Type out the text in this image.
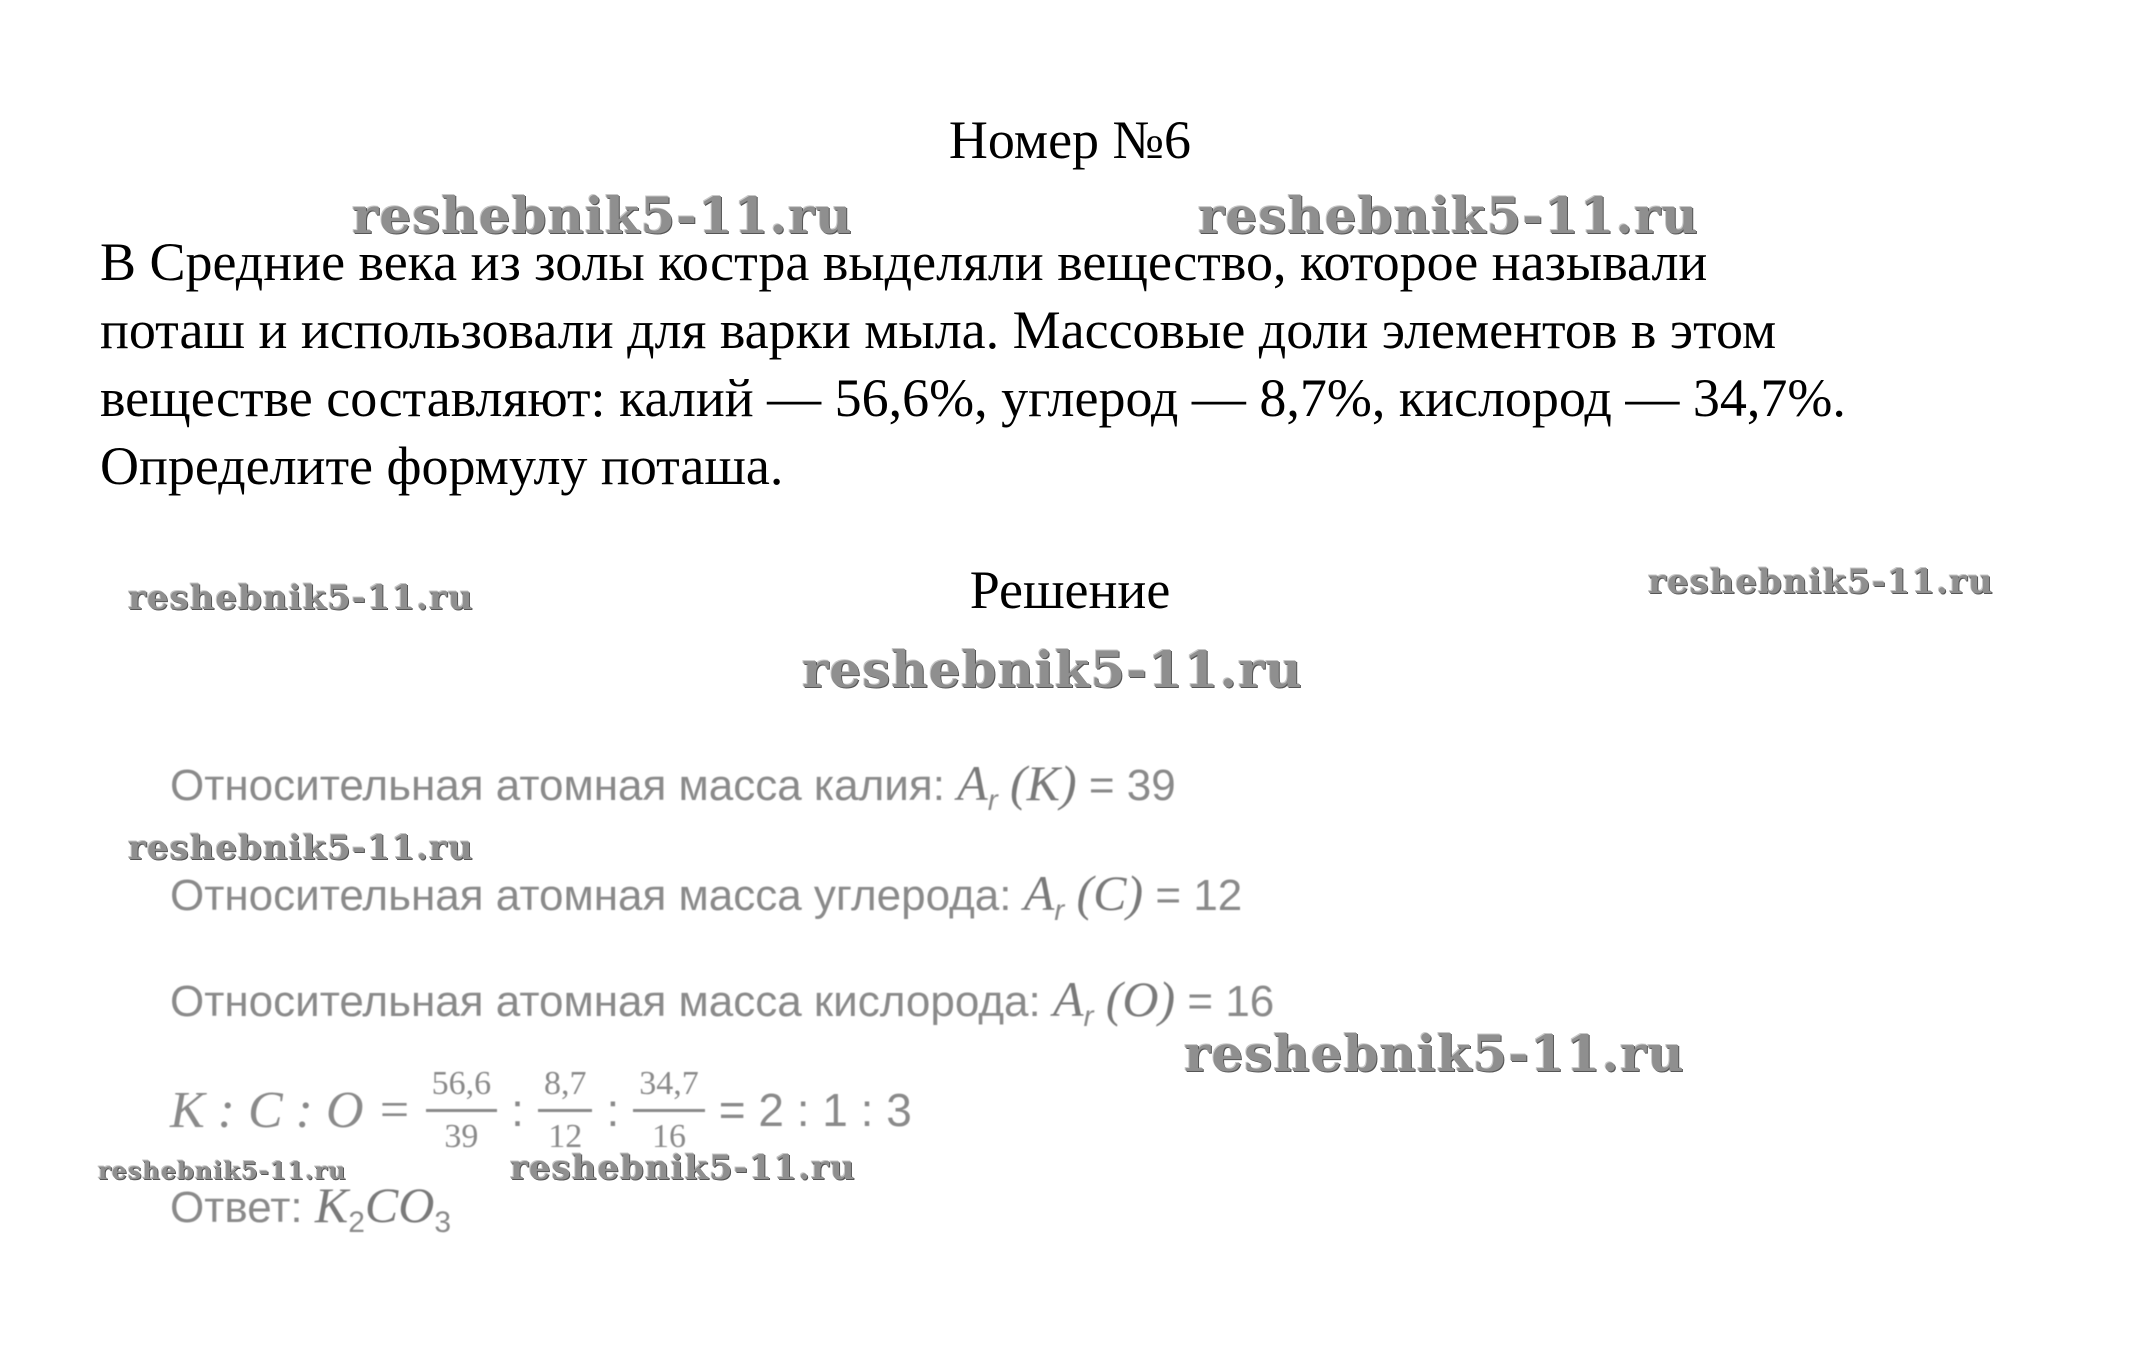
Номер №6
В Средние века из золы костра выделяли вещество, которое называли
поташ и использовали для варки мыла. Массовые доли элементов в этом
веществе составляют: калий — 56,6%, углерод — 8,7%, кислород — 34,7%.
Определите формулу поташа.
Решение
Относительная атомная масса калия: $A_r$ (K) = 39
Относительная атомная масса углерода: $A_r$ (C) = 12
Относительная атомная масса кислорода: $A_r$ (O) = 16
K : C : $O = \frac{56,6}{39}$ : $\frac{8,7}{12}$ : $\frac{34,7}{16} = 2$ : 1 : 3
Ответ: $K_2CO_3$
reshebnik5-11.ru	reshebnik5-11.ru
reshebnik5-11.ru	reshebnik5-11.ru
reshebnik5-11.ru
reshebnik5-11.ru
reshebnik5-11.ru
reshebnik5-11.ru	reshebnik5-11.ru
